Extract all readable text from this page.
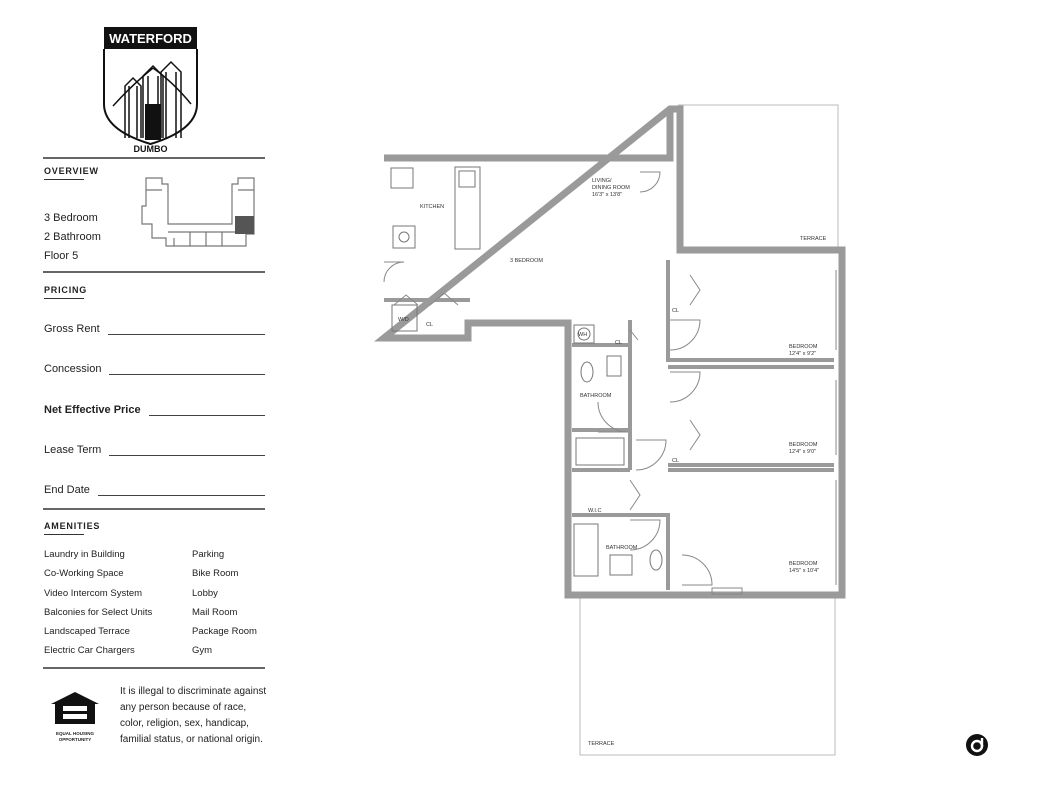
WATERFORD
DUMBO
OVERVIEW
3 Bedroom
2 Bathroom
Floor 5
PRICING
Gross Rent
Concession
Net Effective Price
Lease Term
End Date
AMENITIES
Laundry in Building
Co-Working Space
Video Intercom System
Balconies for Select Units
Landscaped Terrace
Electric Car Chargers
Parking
Bike Room
Lobby
Mail Room
Package Room
Gym
EQUAL HOUSING
OPPORTUNITY
It is illegal to discriminate against any person because of race, color, religion, sex, handicap, familial status, or national origin.
KITCHEN
LIVING/
DINING ROOM
16'3" x 13'8"
3 BEDROOM
W/D
CL
WH
CL
BATHROOM
W.I.C
BATHROOM
CL
CL
BEDROOM
12'4" x 9'2"
BEDROOM
12'4" x 9'0"
BEDROOM
14'5" x 10'4"
TERRACE
TERRACE
